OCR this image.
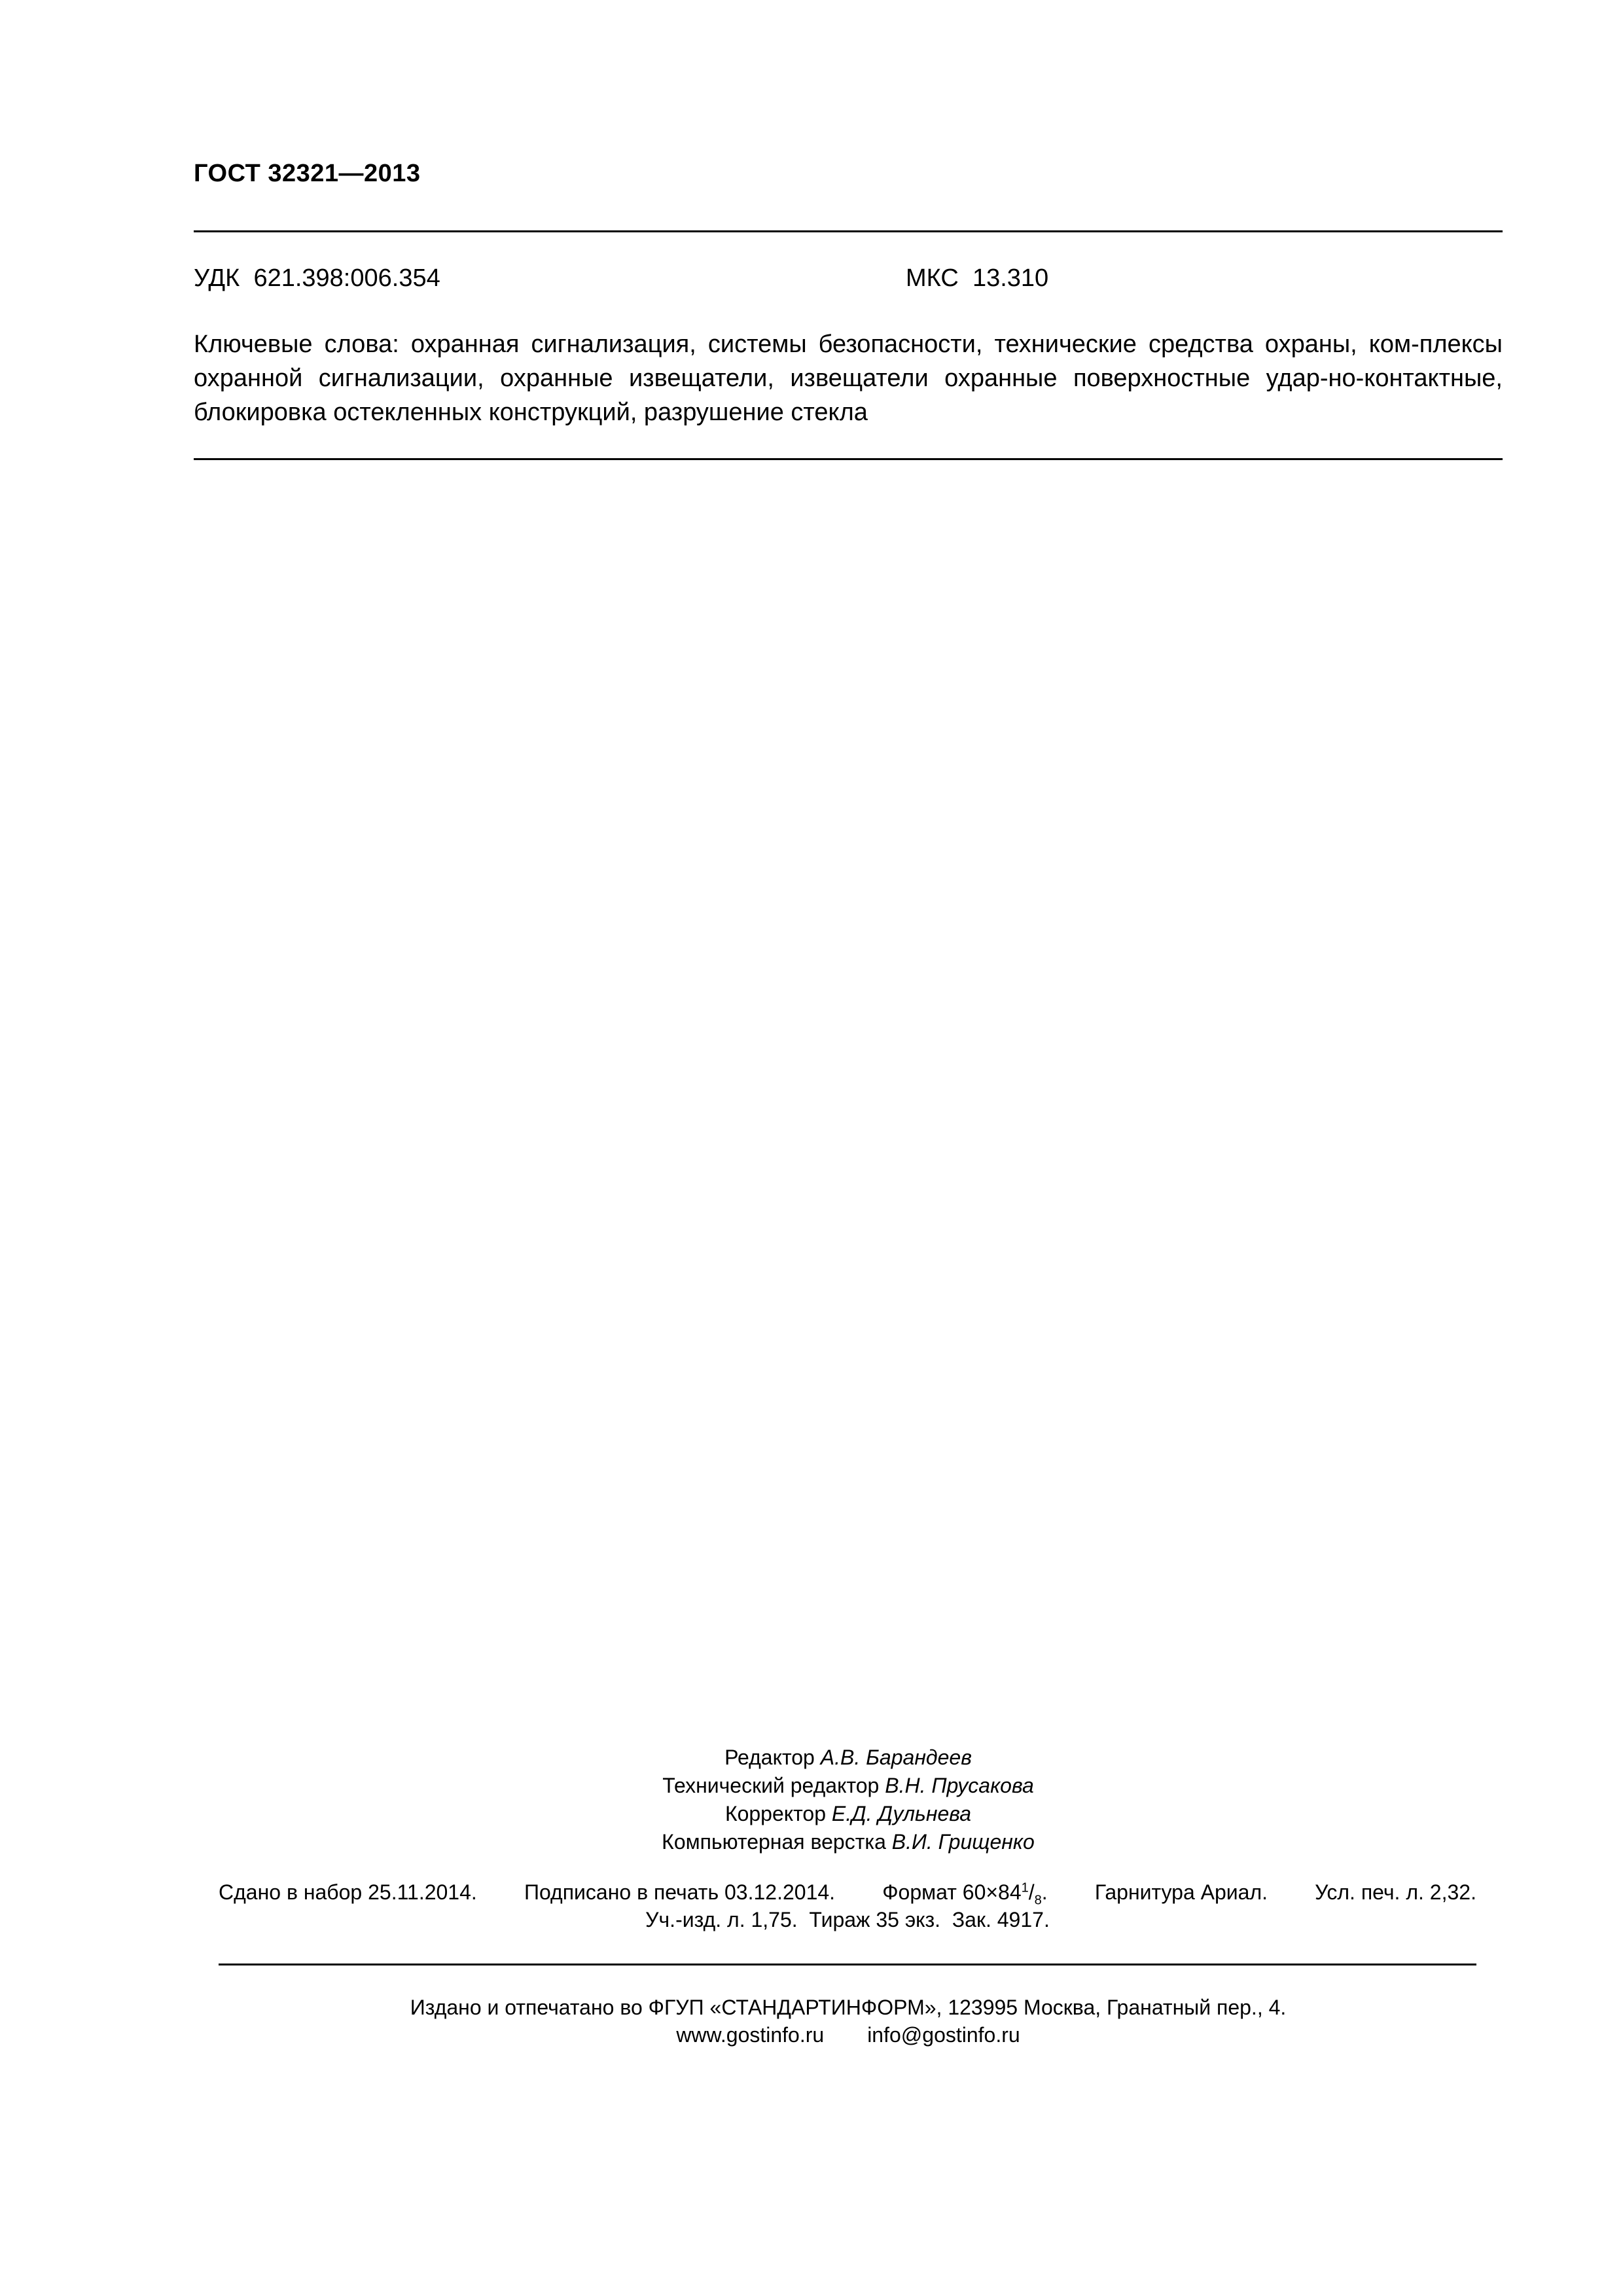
ГОСТ 32321—2013
УДК 621.398:006.354	МКС 13.310
Ключевые слова: охранная сигнализация, системы безопасности, технические средства охраны, ком-плексы охранной сигнализации, охранные извещатели, извещатели охранные поверхностные удар-но-контактные, блокировка остекленных конструкций, разрушение стекла
Редактор А.В. Барандеев
Технический редактор В.Н. Прусакова
Корректор Е.Д. Дульнева
Компьютерная верстка В.И. Грищенко
Сдано в набор 25.11.2014. Подписано в печать 03.12.2014. Формат $60\times 84^1/_8$. Гарнитура Ариал. Усл. печ. л. 2,32.
Уч.-изд. л. 1,75. Тираж 35 экз. Зак. 4917.
Издано и отпечатано во ФГУП «СТАНДАРТИНФОРМ», 123995 Москва, Гранатный пер., 4.
www.gostinfo.ru info@gostinfo.ru
